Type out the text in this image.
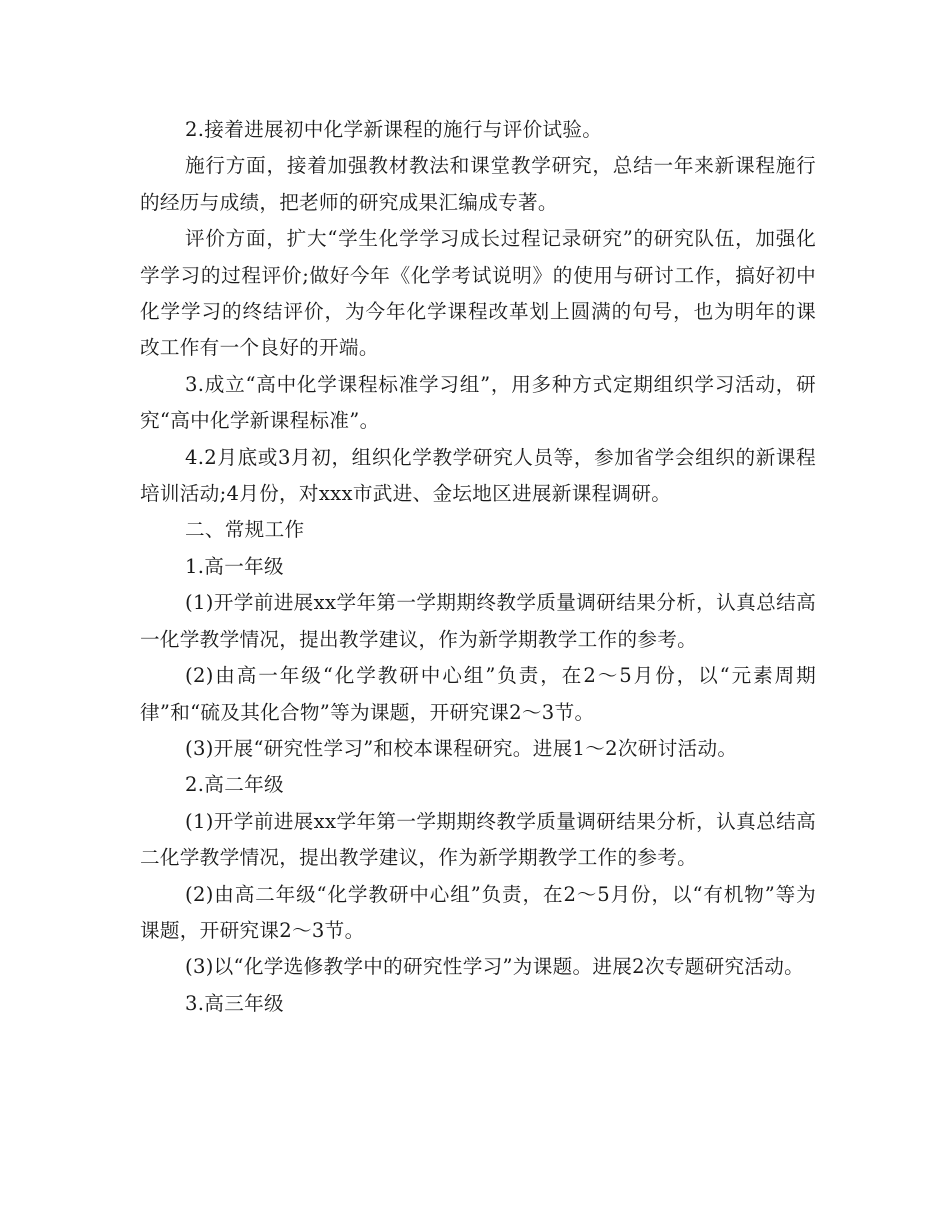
2.接着进展初中化学新课程的施行与评价试验。

施行方面，接着加强教材教法和课堂教学研究，总结一年来新课程施行的经历与成绩，把老师的研究成果汇编成专著。

评价方面，扩大“学生化学学习成长过程记录研究”的研究队伍，加强化学学习的过程评价;做好今年《化学考试说明》的使用与研讨工作，搞好初中化学学习的终结评价，为今年化学课程改革划上圆满的句号，也为明年的课改工作有一个良好的开端。

3.成立“高中化学课程标准学习组”，用多种方式定期组织学习活动，研究“高中化学新课程标准”。

4.2月底或3月初，组织化学教学研究人员等，参加省学会组织的新课程培训活动;4月份，对xxx市武进、金坛地区进展新课程调研。

二、常规工作

1.高一年级

(1)开学前进展xx学年第一学期期终教学质量调研结果分析，认真总结高一化学教学情况，提出教学建议，作为新学期教学工作的参考。

(2)由高一年级“化学教研中心组”负责，在2～5月份，以“元素周期律”和“硫及其化合物”等为课题，开研究课2～3节。

(3)开展“研究性学习”和校本课程研究。进展1～2次研讨活动。

2.高二年级

(1)开学前进展xx学年第一学期期终教学质量调研结果分析，认真总结高二化学教学情况，提出教学建议，作为新学期教学工作的参考。

(2)由高二年级“化学教研中心组”负责，在2～5月份，以“有机物”等为课题，开研究课2～3节。

(3)以“化学选修教学中的研究性学习”为课题。进展2次专题研究活动。

3.高三年级
